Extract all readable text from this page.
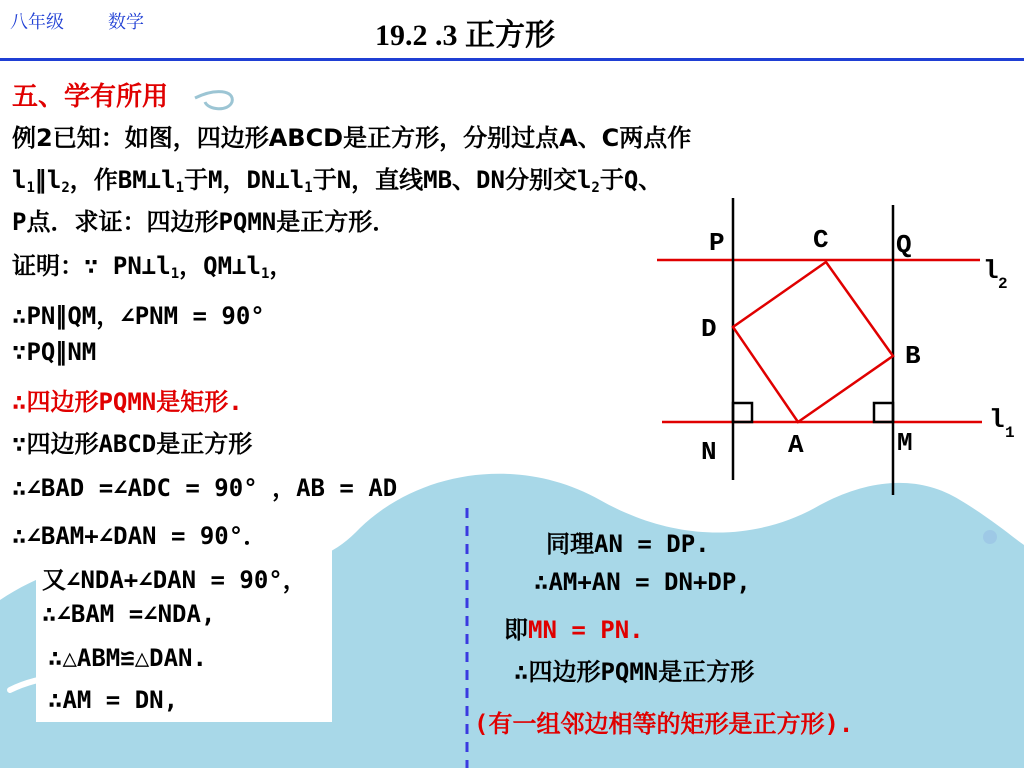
八年级 数学	19.2 .3 正方形
五、学有所用
例2已知：如图，四边形ABCD是正方形，分别过点A、C两点作
$l_1\parallel l_2$，作$BM\perp l_1$于M，$DN\perp l_1$于N，直线MB、DN分别交$l_2$于Q、
P点．求证：四边形PQMN是正方形．
证明：∵ $PN\perp l_1$，$QM\perp l_1$，
∴PN∥QM，∠PNM = 90°
∵PQ∥NM
∴四边形PQMN是矩形.
∵四边形ABCD是正方形
∴∠BAD =∠ADC = 90° ，AB = AD
∴∠BAM+∠DAN = 90°．
又∠NDA+∠DAN = 90°，
∴∠BAM =∠NDA,
∴△ABM≌△DAN.
∴AM = DN,
同理AN = DP.
∴AM+AN = DN+DP,
即MN = PN.
∴四边形PQMN是正方形
(有一组邻边相等的矩形是正方形).
P	C	Q
l 2
D
B
l 1
N	A	M
